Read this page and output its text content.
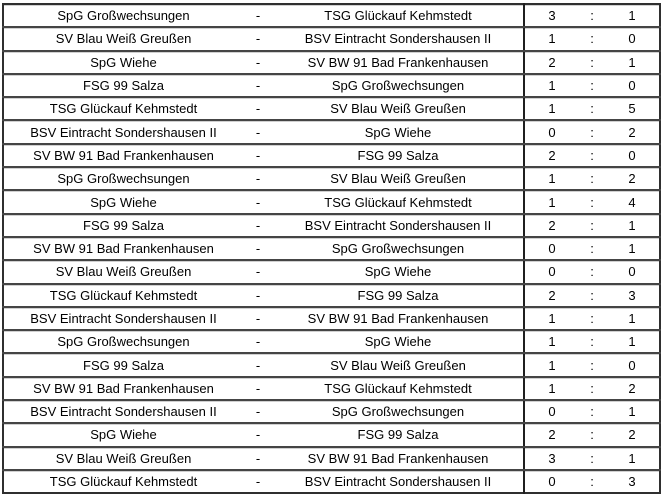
SpG Großwechsungen	-	TSG Glückauf Kehmstedt	3	:	1
SV Blau Weiß Greußen	-	BSV Eintracht Sondershausen II	1	:	0
SpG Wiehe	-	SV BW 91 Bad Frankenhausen	2	:	1
FSG 99 Salza	-	SpG Großwechsungen	1	:	0
TSG Glückauf Kehmstedt	-	SV Blau Weiß Greußen	1	:	5
BSV Eintracht Sondershausen II	-	SpG Wiehe	0	:	2
SV BW 91 Bad Frankenhausen	-	FSG 99 Salza	2	:	0
SpG Großwechsungen	-	SV Blau Weiß Greußen	1	:	2
SpG Wiehe	-	TSG Glückauf Kehmstedt	1	:	4
FSG 99 Salza	-	BSV Eintracht Sondershausen II	2	:	1
SV BW 91 Bad Frankenhausen	-	SpG Großwechsungen	0	:	1
SV Blau Weiß Greußen	-	SpG Wiehe	0	:	0
TSG Glückauf Kehmstedt	-	FSG 99 Salza	2	:	3
BSV Eintracht Sondershausen II	-	SV BW 91 Bad Frankenhausen	1	:	1
SpG Großwechsungen	-	SpG Wiehe	1	:	1
FSG 99 Salza	-	SV Blau Weiß Greußen	1	:	0
SV BW 91 Bad Frankenhausen	-	TSG Glückauf Kehmstedt	1	:	2
BSV Eintracht Sondershausen II	-	SpG Großwechsungen	0	:	1
SpG Wiehe	-	FSG 99 Salza	2	:	2
SV Blau Weiß Greußen	-	SV BW 91 Bad Frankenhausen	3	:	1
TSG Glückauf Kehmstedt	-	BSV Eintracht Sondershausen II	0	:	3
